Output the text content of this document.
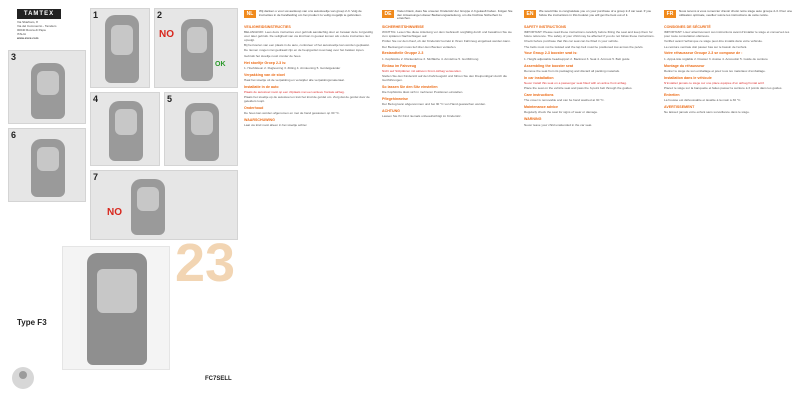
TAMTEX
Via Sbarbaro, 8
Via del Commercio - Tamdem
00040 Rocca di Papa
ITALIA
www.xxxx.com
1	2
NO
OK
3
4	5
6
7
NO
Type F3
23
FC7SELL
NL	Wij danken u voor uw aankoop van ons autostoeltje van groep 2-3. Volg de instructies in de handleiding om het product zo veilig mogelijk te gebruiken.
VEILIGHEIDSINSTRUCTIES
BELANGRIJK: Lees deze instructies voor gebruik aandachtig door en bewaar deze zorgvuldig voor later gebruik. De veiligheid van uw kind kan in gevaar komen als u deze instructies niet opvolgt.
Bij het kiezen van een plaats in de auto, controleer of het autostoeltje kan worden geplaatst.
De riemen mogen niet gedraaid zijn en de heupgordel moet laag over het bekken lopen.
Gebruik het stoeltje nooit zonder de hoes.
Het stoeltje Groep 2-3 is:
1. Hoofdsteun 2. Rugleuning 3. Zitting 4. Armleuning 5. Gordelgeleider
Verpakking van de stoel
Haal het stoeltje uit de verpakking en verwijder alle verpakkingsmateriaal.
Installatie in de auto
Plaats de autostoel nooit op een zitplaats met een actieve frontale airbag.
Plaats het stoeltje op de autostoel en trek het kind de gordel om. Zorg dat de gordel door de geleiders loopt.
Onderhoud
De hoes kan worden afgenomen en met de hand gewassen op 30 °C.
WAARSCHUWING
Laat uw kind nooit alleen in het stoeltje achter.
DE	Vielen Dank, dass Sie unseren Kindersitz der Gruppe 2-3 gekauft haben. Folgen Sie den Anweisungen dieser Bedienungsanleitung, um die höchste Sicherheit zu erreichen.
SICHERHEITSHINWEISE
WICHTIG: Lesen Sie diese Anleitung vor dem Gebrauch sorgfältig durch und bewahren Sie sie zum späteren Nachschlagen auf.
Prüfen Sie vor dem Kauf, ob der Kindersitz korrekt in Ihrem Fahrzeug eingebaut werden kann.
Der Beckengurt muss tief über dem Becken verlaufen.
Bestandteile Gruppe 2-3
1. Kopfstütze 2. Rückenlehne 3. Sitzfläche 4. Armlehne 5. Gurtführung
Einbau im Fahrzeug
Nicht auf Sitzplätzen mit aktivem Front-Airbag verwenden.
Stellen Sie den Kindersitz auf den Fahrzeugsitz und führen Sie den Dreipunktgurt durch die Gurtführungen.
So lassen Sie den Sitz einstellen
Die Kopfstütze lässt sich in mehreren Positionen einstellen.
Pflegehinweise
Der Bezug kann abgenommen und bei 30 °C von Hand gewaschen werden.
ACHTUNG
Lassen Sie Ihr Kind niemals unbeaufsichtigt im Kindersitz.
EN	We would like to congratulate you on your purchase of a group 2-3 car seat. If you follow the instructions in this booklet you will get the best out of it.
SAFETY INSTRUCTIONS
IMPORTANT: Please read these instructions carefully before fitting the seat and keep them for future reference. The safety of your child may be affected if you do not follow these instructions.
Check before purchase that this car seat can be fitted in your vehicle.
The belts must not be twisted and the lap belt must be positioned low across the pelvis.
Your Group 2-3 booster seat is:
1. Height adjustable headsupport 2. Backrest 3. Seat 4. Armrest 5. Belt guide
Assembling the booster seat
Remove the seat from its packaging and discard all packing materials.
In car installation
Never install this seat on a passenger seat fitted with an active front airbag.
Place the seat on the vehicle seat and pass the 3-point belt through the guides.
Care instructions
The cover is removable and can be hand washed at 30 °C.
Maintenance advice
Regularly check the seat for signs of wear or damage.
WARNING
Never leave your child unattended in the car seat.
FR	Nous tenons à vous remercier d'avoir choisi notre siège auto groupe 2-3. Pour une utilisation optimale, veuillez suivre les instructions de cette notice.
CONSIGNES DE SÉCURITÉ
IMPORTANT: Lisez attentivement ces instructions avant d'installer le siège et conservez-les pour toute consultation ultérieure.
Vérifiez avant l'achat que ce siège peut être installé dans votre véhicule.
La ceinture ventrale doit passer bas sur le bassin de l'enfant.
Votre réhausseur Groupe 2-3 se compose de :
1. Appui-tête réglable 2. Dossier 3. Assise 4. Accoudoir 5. Guide de ceinture
Montage du réhausseur
Retirez le siège de son emballage et jetez tous les matériaux d'emballage.
Installation dans le véhicule
N'installez jamais ce siège sur une place équipée d'un airbag frontal actif.
Placez le siège sur la banquette et faites passer la ceinture à 3 points dans les guides.
Entretien
La housse est déhoussable et lavable à la main à 30 °C.
AVERTISSEMENT
Ne laissez jamais votre enfant sans surveillance dans le siège.
